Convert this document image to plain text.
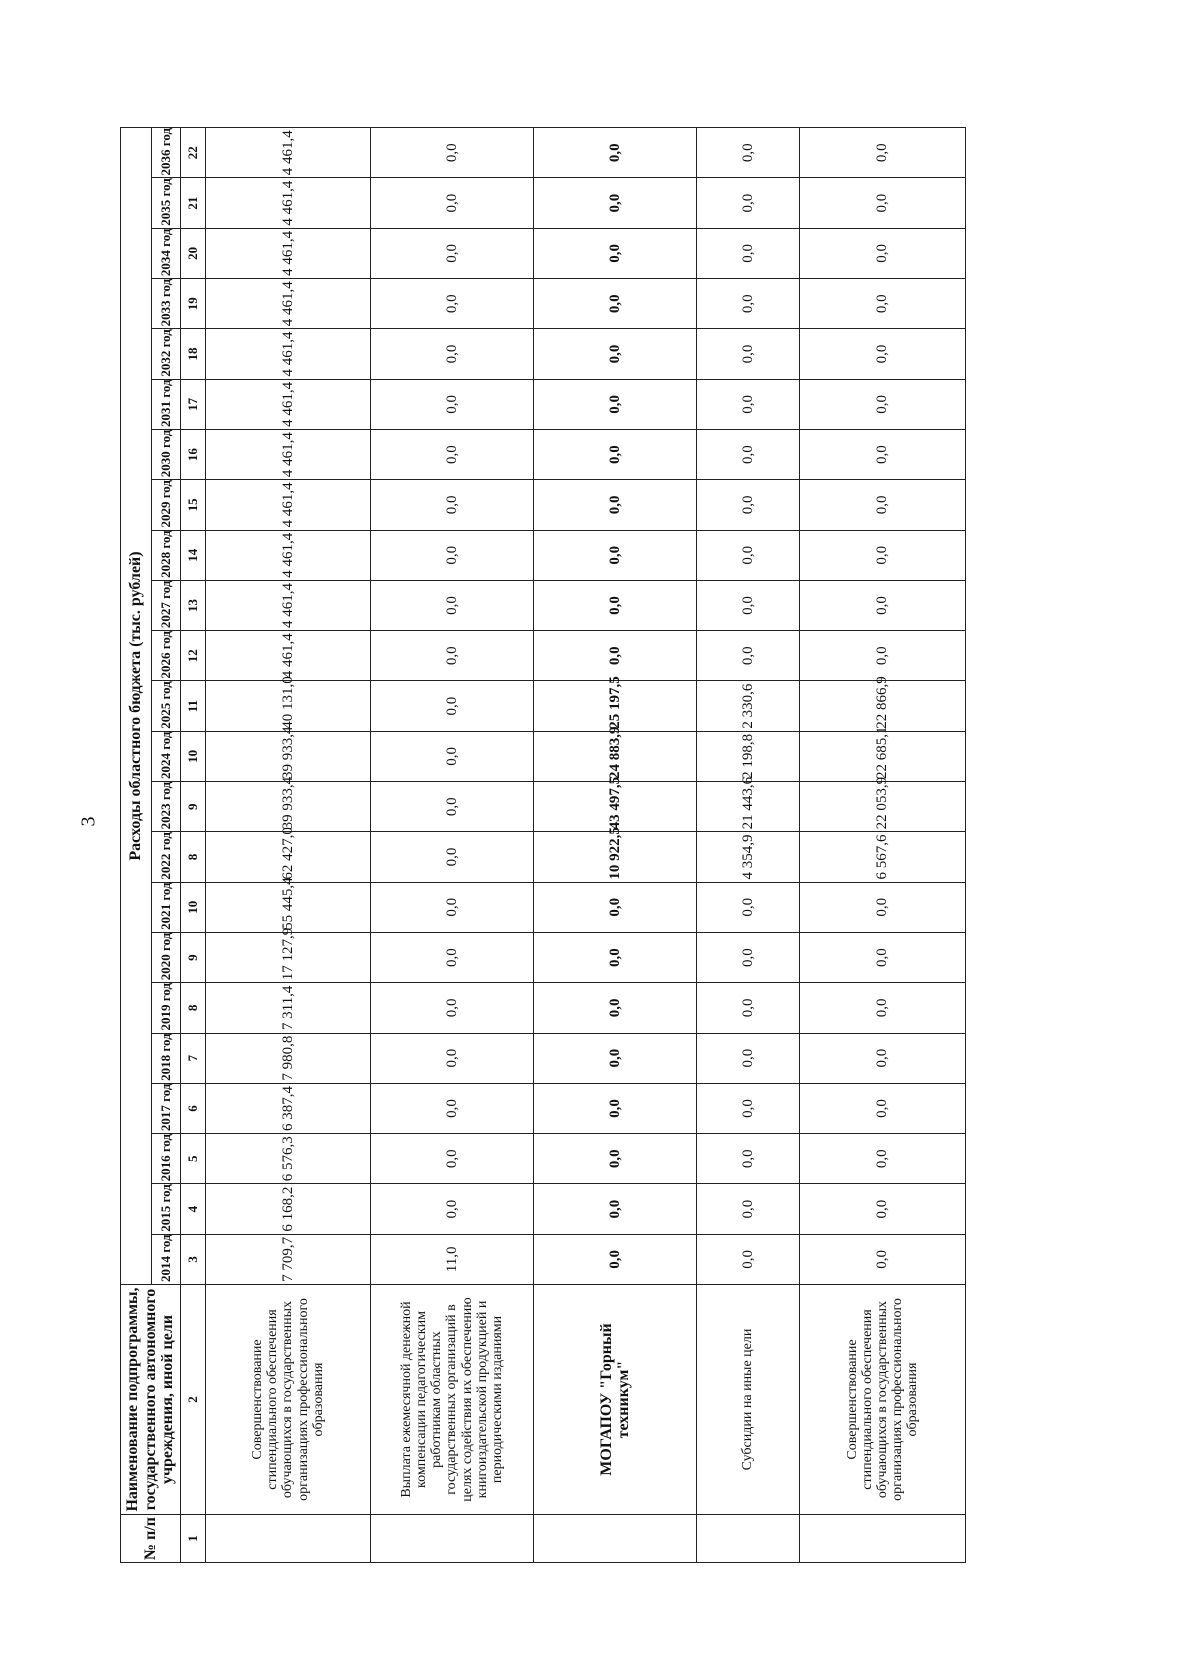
3
№ п/п	Наименование подпрограммы, государственного автономного учреждения, иной цели	Расходы областного бюджета (тыс. рублей)																						
		2014 год	2015 год	2016 год	2017 год	2018 год	2019 год	2020 год	2021 год	2022 год	2023 год	2024 год	2025 год	2026 год	2027 год	2028 год	2029 год	2030 год	2031 год	2032 год	2033 год	2034 год	2035 год	2036 год
1	2	3	4	5	6	7	8	9	10	8	9	10	11	12	13	14	15	16	17	18	19	20	21	22
	Совершенствование стипендиального обеспечения обучающихся в государственных организациях профессионального образования	7 709,7	6 168,2	6 576,3	6 387,4	7 980,8	7 311,4	17 127,9	55 445,4	62 427,0	39 933,4	39 933,4	40 131,0	4 461,4	4 461,4	4 461,4	4 461,4	4 461,4	4 461,4	4 461,4	4 461,4	4 461,4	4 461,4	4 461,4
	Выплата ежемесячной денежной компенсации педагогическим работникам областных государственных организаций в целях содействия их обеспечению книгоиздательской продукцией и периодическими изданиями	11,0	0,0	0,0	0,0	0,0	0,0	0,0	0,0	0,0	0,0	0,0	0,0	0,0	0,0	0,0	0,0	0,0	0,0	0,0	0,0	0,0	0,0	0,0
	МОГАПОУ "Горный техникум"	0,0	0,0	0,0	0,0	0,0	0,0	0,0	0,0	10 922,5	43 497,5	24 883,9	25 197,5	0,0	0,0	0,0	0,0	0,0	0,0	0,0	0,0	0,0	0,0	0,0
	Субсидии на иные цели	0,0	0,0	0,0	0,0	0,0	0,0	0,0	0,0	4 354,9	21 443,6	2 198,8	2 330,6	0,0	0,0	0,0	0,0	0,0	0,0	0,0	0,0	0,0	0,0	0,0
	Совершенствование стипендиального обеспечения обучающихся в государственных организациях профессионального образования	0,0	0,0	0,0	0,0	0,0	0,0	0,0	0,0	6 567,6	22 053,9	22 685,1	22 866,9	0,0	0,0	0,0	0,0	0,0	0,0	0,0	0,0	0,0	0,0	0,0
